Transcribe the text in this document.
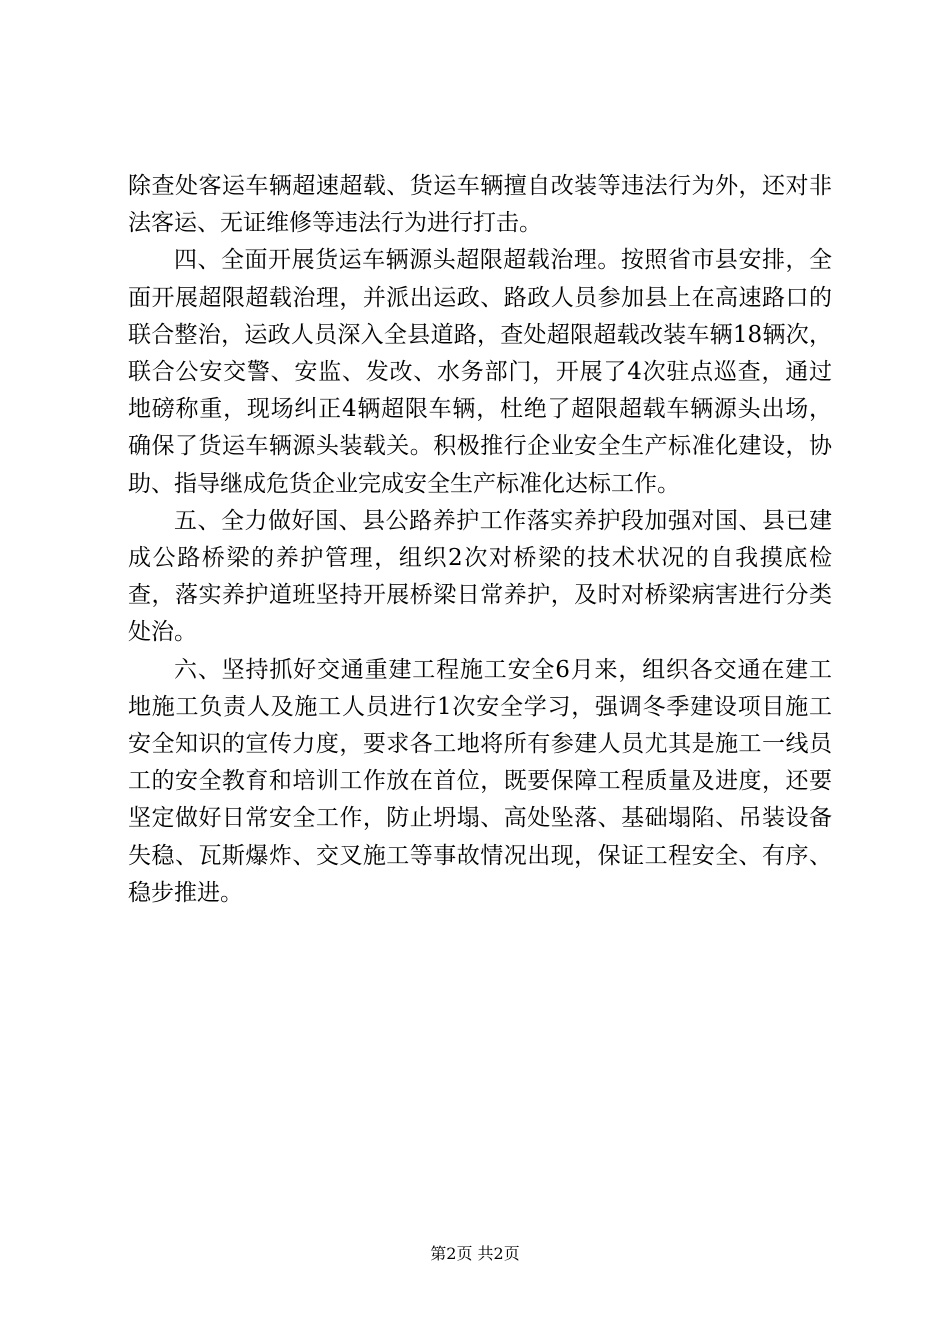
除查处客运车辆超速超载、货运车辆擅自改装等违法行为外，还对非法客运、无证维修等违法行为进行打击。

四、全面开展货运车辆源头超限超载治理。按照省市县安排，全面开展超限超载治理，并派出运政、路政人员参加县上在高速路口的联合整治，运政人员深入全县道路，查处超限超载改装车辆18辆次，联合公安交警、安监、发改、水务部门，开展了4次驻点巡查，通过地磅称重，现场纠正4辆超限车辆，杜绝了超限超载车辆源头出场，确保了货运车辆源头装载关。积极推行企业安全生产标准化建设，协助、指导继成危货企业完成安全生产标准化达标工作。

五、全力做好国、县公路养护工作落实养护段加强对国、县已建成公路桥梁的养护管理，组织2次对桥梁的技术状况的自我摸底检查，落实养护道班坚持开展桥梁日常养护，及时对桥梁病害进行分类处治。

六、坚持抓好交通重建工程施工安全6月来，组织各交通在建工地施工负责人及施工人员进行1次安全学习，强调冬季建设项目施工安全知识的宣传力度，要求各工地将所有参建人员尤其是施工一线员工的安全教育和培训工作放在首位，既要保障工程质量及进度，还要坚定做好日常安全工作，防止坍塌、高处坠落、基础塌陷、吊装设备失稳、瓦斯爆炸、交叉施工等事故情况出现，保证工程安全、有序、稳步推进。

第2页 共2页
